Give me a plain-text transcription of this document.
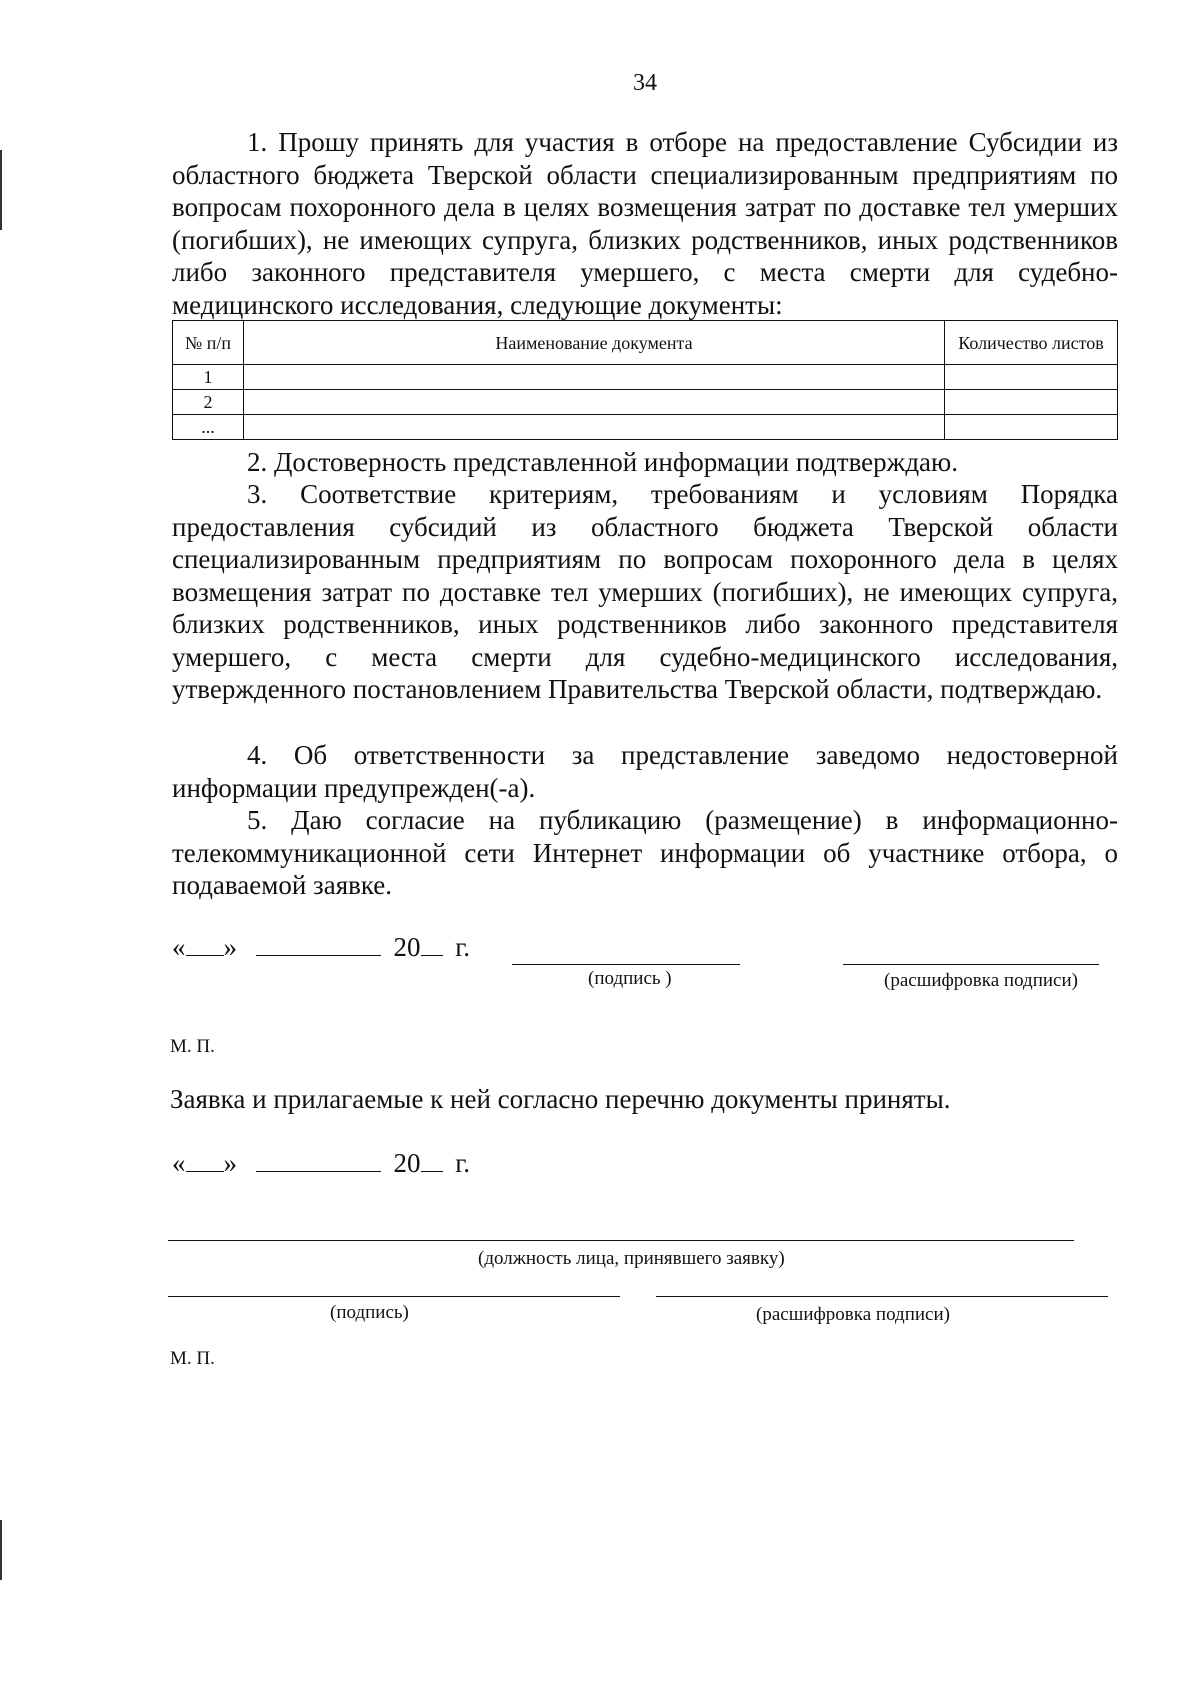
34
1. Прошу принять для участия в отборе на предоставление Субсидии из областного бюджета Тверской области специализированным предприятиям по вопросам похоронного дела в целях возмещения затрат по доставке тел умерших (погибших), не имеющих супруга, близких родственников, иных родственников либо законного представителя умершего, с места смерти для судебно-медицинского исследования, следующие документы:
№ п/п	Наименование документа	Количество листов
1		
2		
...		
2. Достоверность представленной информации подтверждаю.
3. Соответствие критериям, требованиям и условиям Порядка предоставления субсидий из областного бюджета Тверской области специализированным предприятиям по вопросам похоронного дела в целях возмещения затрат по доставке тел умерших (погибших), не имеющих супруга, близких родственников, иных родственников либо законного представителя умершего, с места смерти для судебно-медицинского исследования, утвержденного постановлением Правительства Тверской области, подтверждаю.
4. Об ответственности за представление заведомо недостоверной информации предупрежден(-а).
5. Даю согласие на публикацию (размещение) в информационно-телекоммуникационной сети Интернет информации об участнике отбора, о подаваемой заявке.
« »	20 г.
(подпись )	(расшифровка подписи)
М. П.
Заявка и прилагаемые к ней согласно перечню документы приняты.
« »	20 г.
(должность лица, принявшего заявку)
(подпись)	(расшифровка подписи)
М. П.
